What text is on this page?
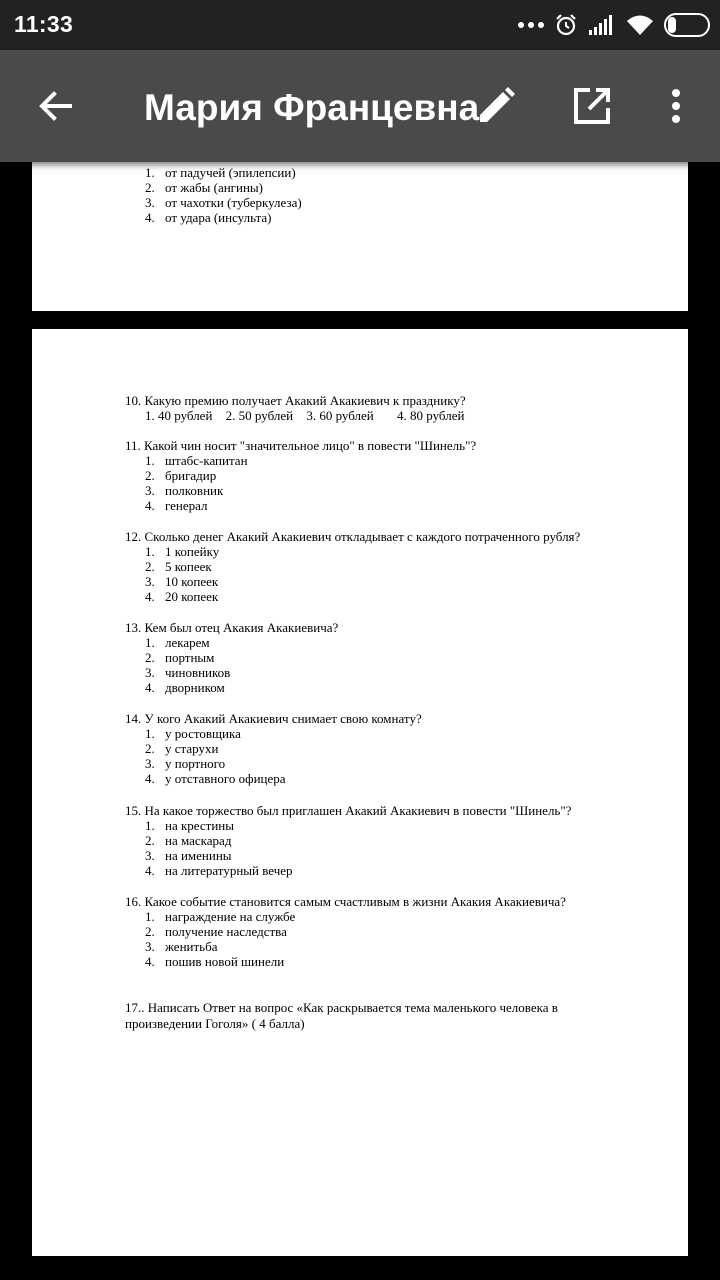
11:33	22
Мария Францевна
1. от падучей (эпилепсии)
2. от жабы (ангины)
3. от чахотки (туберкулеза)
4. от удара (инсульта)
10. Какую премию получает Акакий Акакиевич к празднику?
1. 40 рублей 2. 50 рублей 3. 60 рублей 4. 80 рублей
11. Какой чин носит "значительное лицо" в повести "Шинель"?
1. штабс-капитан
2. бригадир
3. полковник
4. генерал
12. Сколько денег Акакий Акакиевич откладывает с каждого потраченного рубля?
1. 1 копейку
2. 5 копеек
3. 10 копеек
4. 20 копеек
13. Кем был отец Акакия Акакиевича?
1. лекарем
2. портным
3. чиновников
4. дворником
14. У кого Акакий Акакиевич снимает свою комнату?
1. у ростовщика
2. у старухи
3. у портного
4. у отставного офицера
15. На какое торжество был приглашен Акакий Акакиевич в повести "Шинель"?
1. на крестины
2. на маскарад
3. на именины
4. на литературный вечер
16. Какое событие становится самым счастливым в жизни Акакия Акакиевича?
1. награждение на службе
2. получение наследства
3. женитьба
4. пошив новой шинели
17.. Написать Ответ на вопрос «Как раскрывается тема маленького человека в произведении Гоголя» ( 4 балла)
